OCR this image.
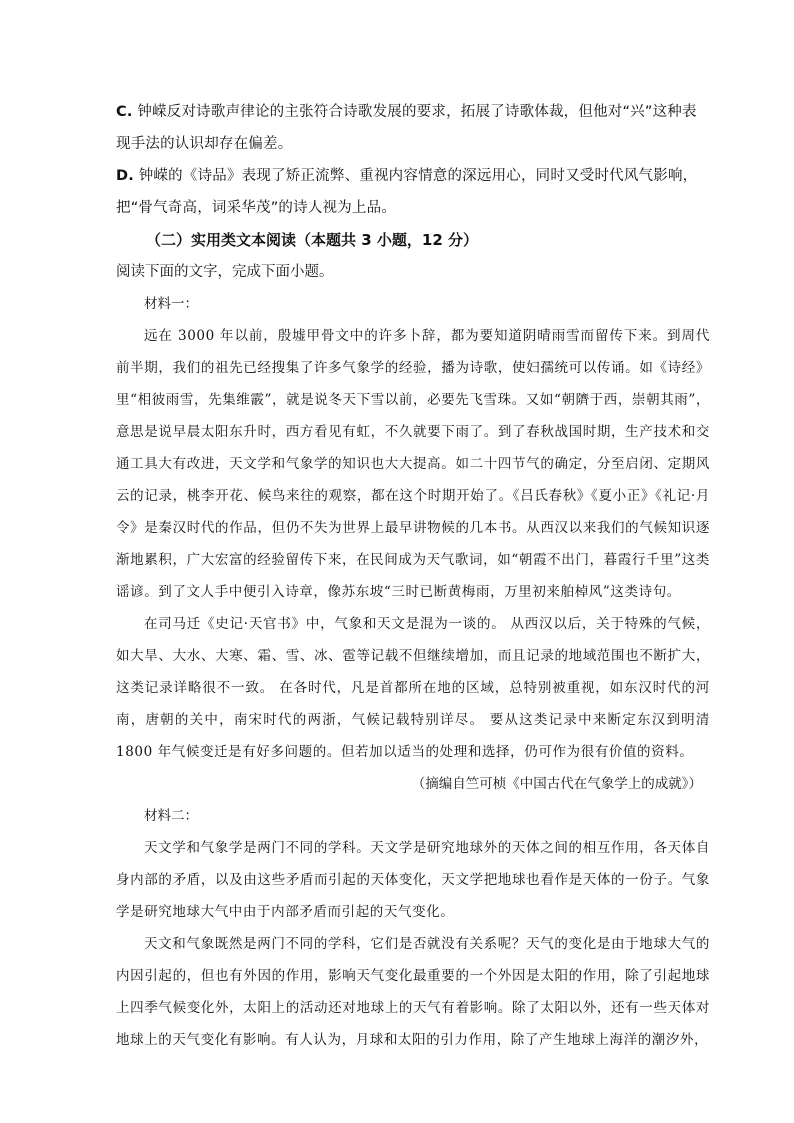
C. 钟嵘反对诗歌声律论的主张符合诗歌发展的要求，拓展了诗歌体裁，但他对“兴”这种表现手法的认识却存在偏差。

D. 钟嵘的《诗品》表现了矫正流弊、重视内容情意的深远用心，同时又受时代风气影响，把“骨气奇高，词采华茂”的诗人视为上品。

（二）实用类文本阅读（本题共 3 小题，12 分）

阅读下面的文字，完成下面小题。

材料一：

远在 3000 年以前，殷墟甲骨文中的许多卜辞，都为要知道阴晴雨雪而留传下来。到周代前半期，我们的祖先已经搜集了许多气象学的经验，播为诗歌，使妇孺统可以传诵。如《诗经》里“相彼雨雪，先集维霰”，就是说冬天下雪以前，必要先飞雪珠。又如“朝隮于西，崇朝其雨”，意思是说早晨太阳东升时，西方看见有虹，不久就要下雨了。到了春秋战国时期，生产技术和交通工具大有改进，天文学和气象学的知识也大大提高。如二十四节气的确定，分至启闭、定期风云的记录，桃李开花、候鸟来往的观察，都在这个时期开始了。《吕氏春秋》《夏小正》《礼记·月令》是秦汉时代的作品，但仍不失为世界上最早讲物候的几本书。从西汉以来我们的气候知识逐渐地累积，广大宏富的经验留传下来，在民间成为天气歌词，如“朝霞不出门，暮霞行千里”这类谣谚。到了文人手中便引入诗章，像苏东坡“三时已断黄梅雨，万里初来舶棹风”这类诗句。

在司马迁《史记·天官书》中，气象和天文是混为一谈的。 从西汉以后，关于特殊的气候，如大旱、大水、大寒、霜、雪、冰、雹等记载不但继续增加，而且记录的地域范围也不断扩大，这类记录详略很不一致。 在各时代，凡是首都所在地的区域，总特别被重视，如东汉时代的河南，唐朝的关中，南宋时代的两浙，气候记载特别详尽。 要从这类记录中来断定东汉到明清 1800 年气候变迁是有好多问题的。但若加以适当的处理和选择，仍可作为很有价值的资料。

（摘编自竺可桢《中国古代在气象学上的成就》）

材料二：

天文学和气象学是两门不同的学科。天文学是研究地球外的天体之间的相互作用，各天体自身内部的矛盾，以及由这些矛盾而引起的天体变化，天文学把地球也看作是天体的一份子。气象学是研究地球大气中由于内部矛盾而引起的天气变化。

天文和气象既然是两门不同的学科，它们是否就没有关系呢？天气的变化是由于地球大气的内因引起的，但也有外因的作用，影响天气变化最重要的一个外因是太阳的作用，除了引起地球上四季气候变化外，太阳上的活动还对地球上的天气有着影响。除了太阳以外，还有一些天体对地球上的天气变化有影响。有人认为，月球和太阳的引力作用，除了产生地球上海洋的潮汐外，
